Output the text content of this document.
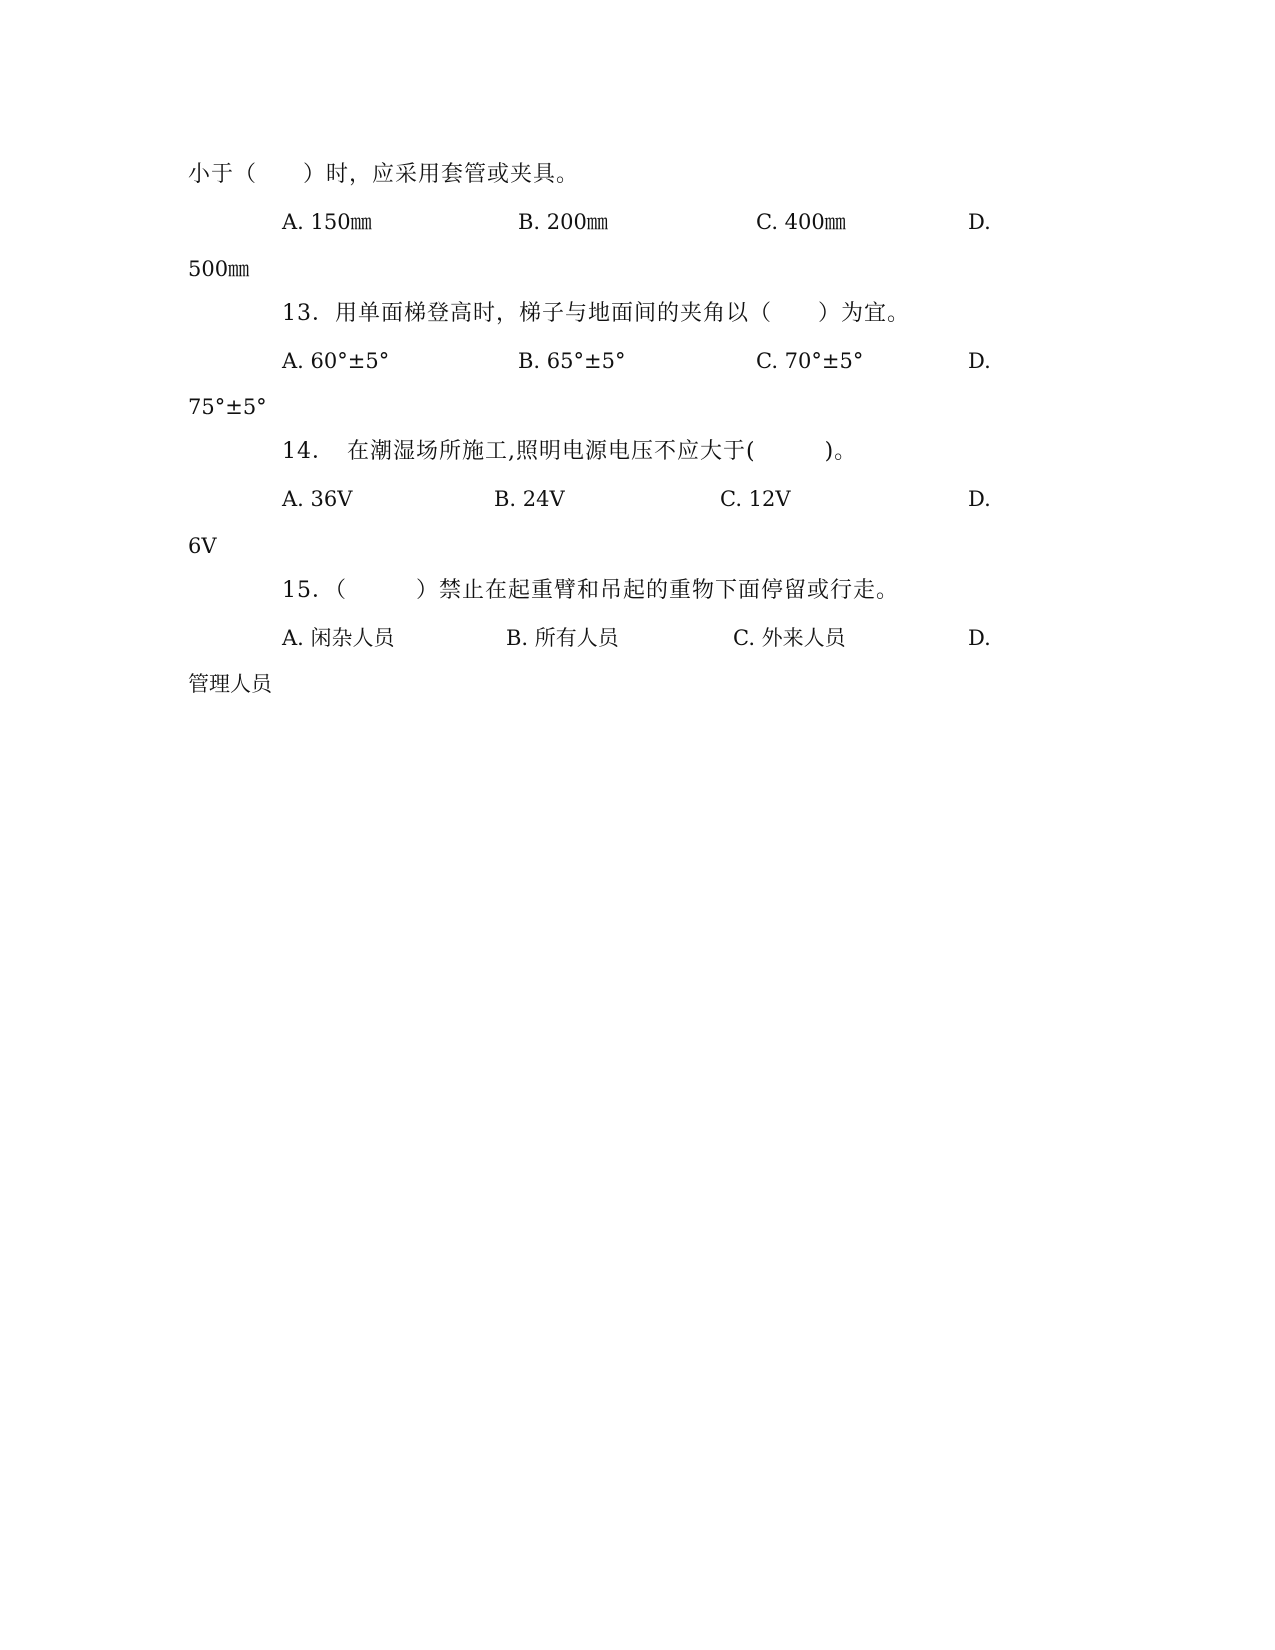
小于（　　）时，应采用套管或夹具。
A. 150㎜	B. 200㎜	C. 400㎜	D.
500㎜
13．用单面梯登高时，梯子与地面间的夹角以（　　）为宜。
A. 60°±5°	B. 65°±5°	C. 70°±5°	D.
75°±5°
14．　在潮湿场所施工,照明电源电压不应大于(　　　)。
A. 36V	B. 24V	C. 12V	D.
6V
15．（　　　）禁止在起重臂和吊起的重物下面停留或行走。
A. 闲杂人员	B. 所有人员	C. 外来人员	D.
管理人员
